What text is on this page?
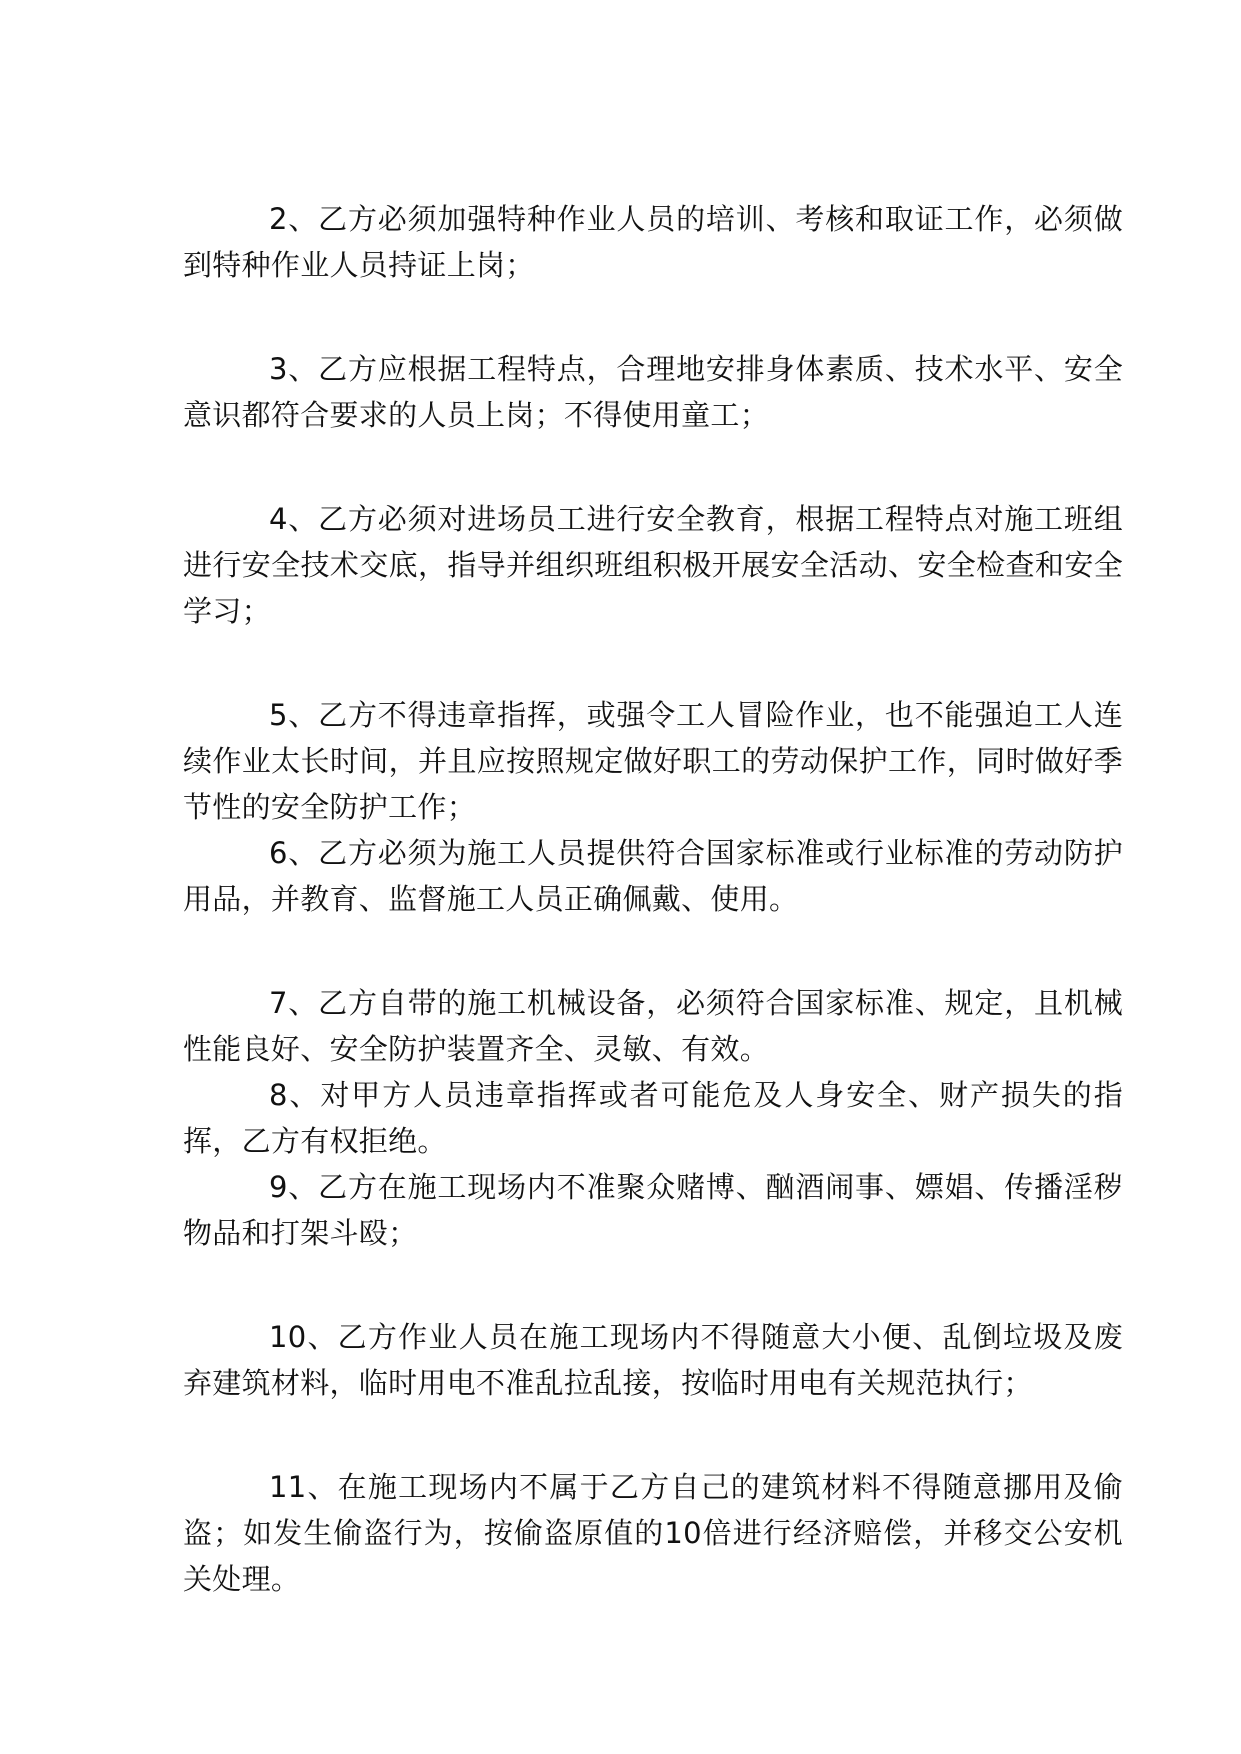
2、乙方必须加强特种作业人员的培训、考核和取证工作，必须做到特种作业人员持证上岗；

3、乙方应根据工程特点，合理地安排身体素质、技术水平、安全意识都符合要求的人员上岗；不得使用童工；

4、乙方必须对进场员工进行安全教育，根据工程特点对施工班组进行安全技术交底，指导并组织班组积极开展安全活动、安全检查和安全学习；

5、乙方不得违章指挥，或强令工人冒险作业，也不能强迫工人连续作业太长时间，并且应按照规定做好职工的劳动保护工作，同时做好季节性的安全防护工作；

6、乙方必须为施工人员提供符合国家标准或行业标准的劳动防护用品，并教育、监督施工人员正确佩戴、使用。

7、乙方自带的施工机械设备，必须符合国家标准、规定，且机械性能良好、安全防护装置齐全、灵敏、有效。

8、对甲方人员违章指挥或者可能危及人身安全、财产损失的指挥，乙方有权拒绝。

9、乙方在施工现场内不准聚众赌博、酗酒闹事、嫖娼、传播淫秽物品和打架斗殴；

10、乙方作业人员在施工现场内不得随意大小便、乱倒垃圾及废弃建筑材料，临时用电不准乱拉乱接，按临时用电有关规范执行；

11、在施工现场内不属于乙方自己的建筑材料不得随意挪用及偷盗；如发生偷盗行为，按偷盗原值的10倍进行经济赔偿，并移交公安机关处理。
